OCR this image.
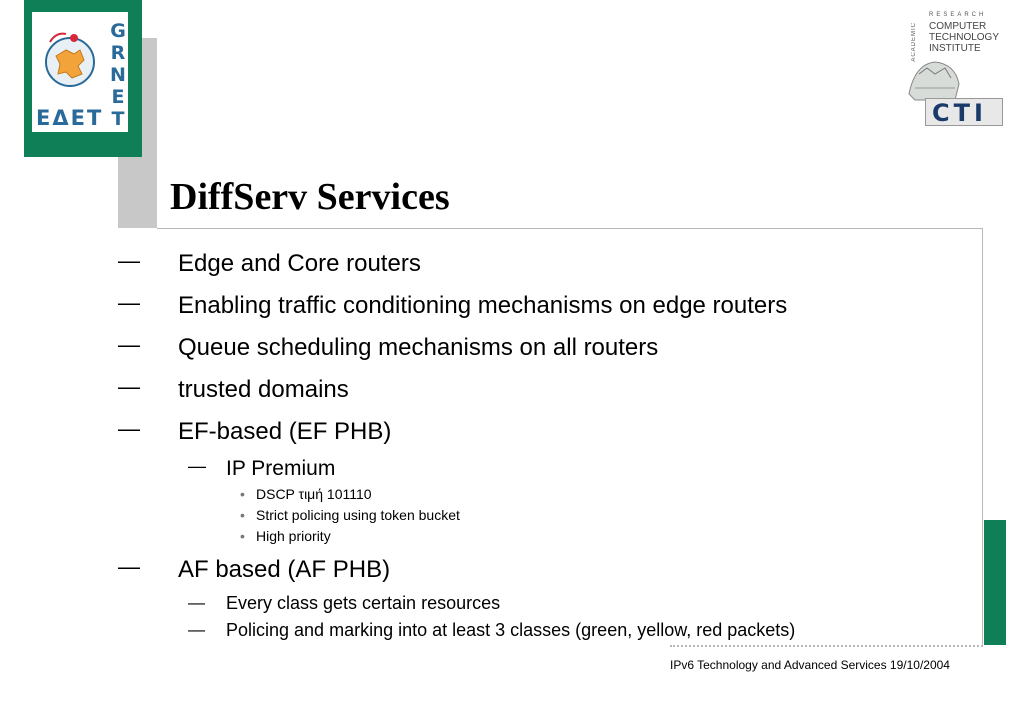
G
R
N
E
T
ΕΔΕΤ
RESEARCH
ACADEMIC COMPUTER
TECHNOLOGY
INSTITUTE
CTI
DiffServ Services
— Edge and Core routers
— Enabling traffic conditioning mechanisms on edge routers
— Queue scheduling mechanisms on all routers
— trusted domains
— EF-based (EF PHB)
— IP Premium
• DSCP τιμή 101110
• Strict policing using token bucket
• High priority
— AF based (AF PHB)
— Every class gets certain resources
— Policing and marking into at least 3 classes (green, yellow, red packets)
IPv6 Technology and Advanced Services 19/10/2004
